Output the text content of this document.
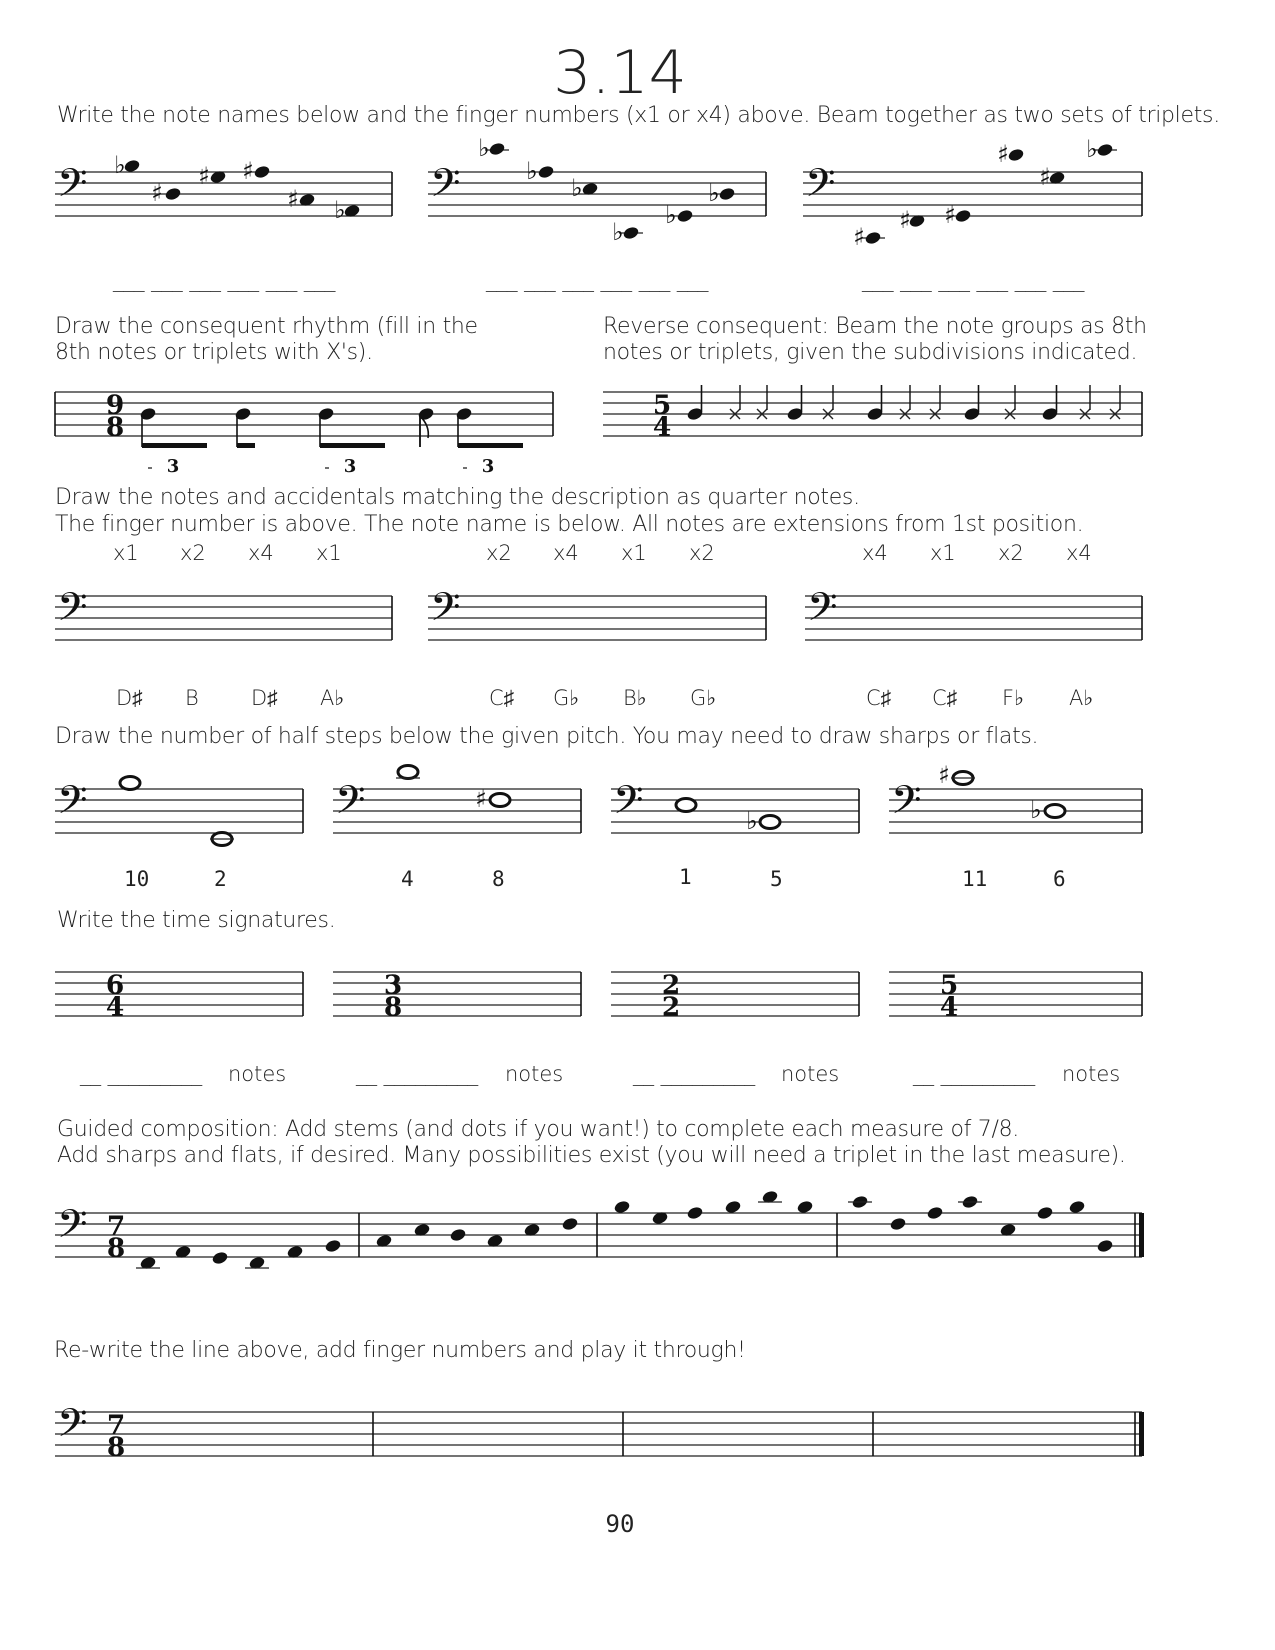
3.14
Write the note names below and the finger numbers (x1 or x4) above. Beam together as two sets of triplets.
___ ___ ___ ___ ___ ___	___ ___ ___ ___ ___ ___	___ ___ ___ ___ ___ ___
Draw the consequent rhythm (fill in the
8th notes or triplets with X's).
Reverse consequent: Beam the note groups as 8th
notes or triplets, given the subdivisions indicated.
Draw the notes and accidentals matching the description as quarter notes.
The finger number is above. The note name is below. All notes are extensions from 1st position.
x1 x2 x4 x1	x2 x4 x1 x2	x4 x1 x2 x4
D♯ B D♯ A♭	C♯ G♭ B♭ G♭	C♯ C♯ F♭ A♭
Draw the number of half steps below the given pitch. You may need to draw sharps or flats.
10	2	4	8	1	5	11	6
Write the time signatures.
__ _________ notes	__ _________ notes	__ _________ notes	__ _________ notes
Guided composition: Add stems (and dots if you want!) to complete each measure of 7/8.
Add sharps and flats, if desired. Many possibilities exist (you will need a triplet in the last measure).
Re-write the line above, add finger numbers and play it through!
90
𝄢	𝄢	𝄢
♭
♯
♯ ♯
♯ ♭
♭
♭
♭
♭
♭
♭
♯
♯ ♯
♯
♯
♭
9
8
3	3	3
5
4
𝄢	𝄢	𝄢
𝄢	𝄢	𝄢	𝄢
♯
♭
♯
♭
6
4
3
8
2
2
5
4
𝄢 7
8
𝄢 7
8
